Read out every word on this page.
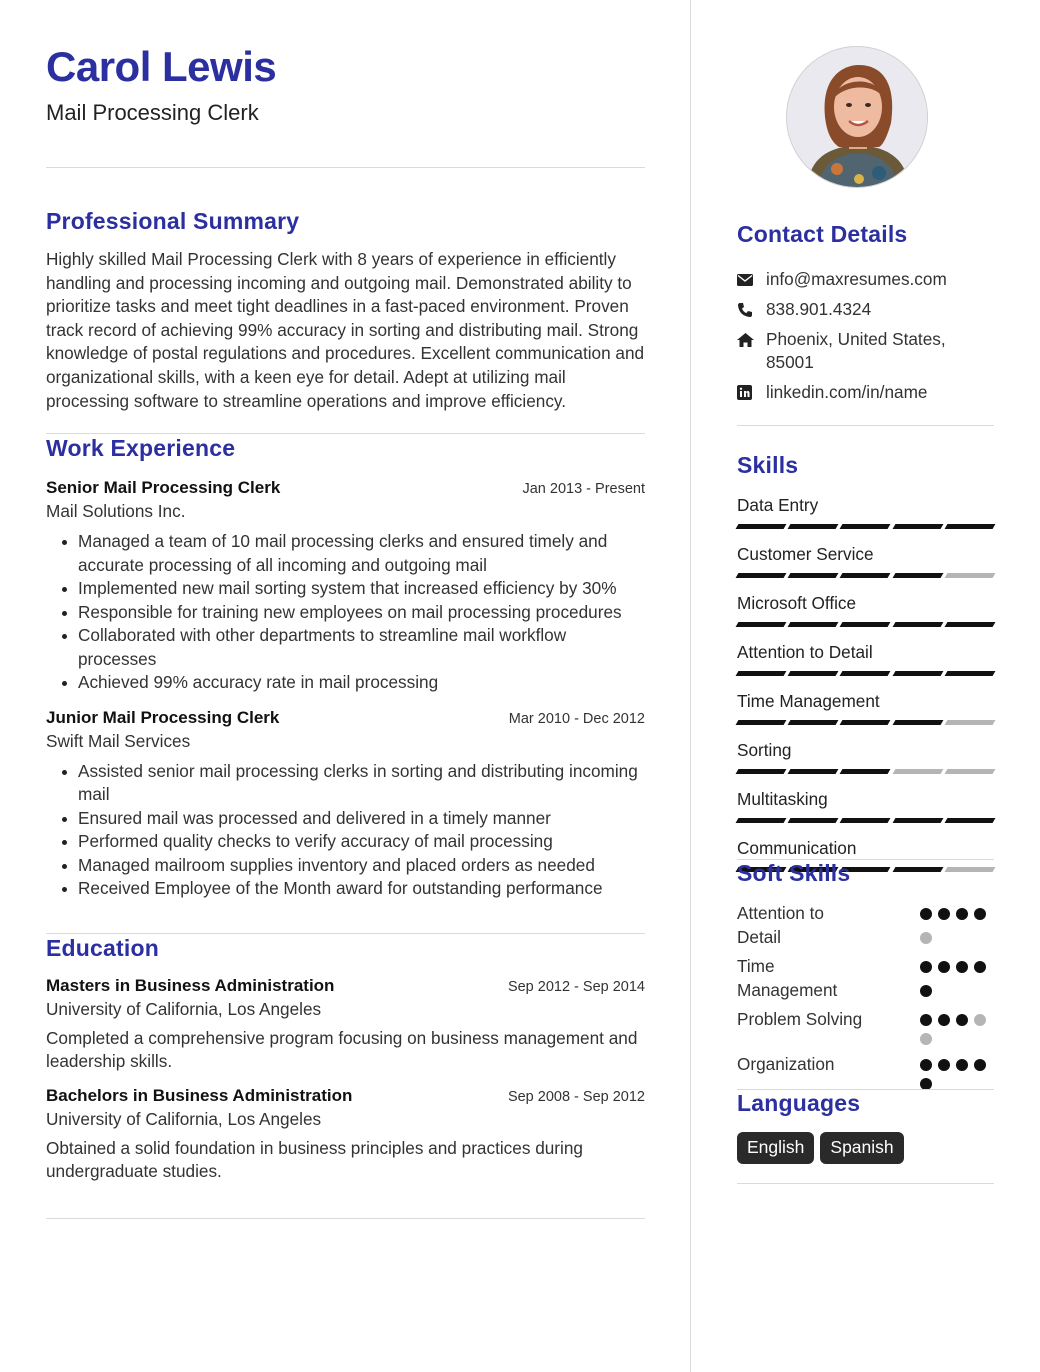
Carol Lewis
Mail Processing Clerk
Professional Summary

Highly skilled Mail Processing Clerk with 8 years of experience in efficiently handling and processing incoming and outgoing mail. Demonstrated ability to prioritize tasks and meet tight deadlines in a fast-paced environment. Proven track record of achieving 99% accuracy in sorting and distributing mail. Strong knowledge of postal regulations and procedures. Excellent communication and organizational skills, with a keen eye for detail. Adept at utilizing mail processing software to streamline operations and improve efficiency.

Work Experience
Senior Mail Processing Clerk	Jan 2013 - Present
Mail Solutions Inc.
Managed a team of 10 mail processing clerks and ensured timely and accurate processing of all incoming and outgoing mail
Implemented new mail sorting system that increased efficiency by 30%
Responsible for training new employees on mail processing procedures
Collaborated with other departments to streamline mail workflow processes
Achieved 99% accuracy rate in mail processing
Junior Mail Processing Clerk	Mar 2010 - Dec 2012
Swift Mail Services
Assisted senior mail processing clerks in sorting and distributing incoming mail
Ensured mail was processed and delivered in a timely manner
Performed quality checks to verify accuracy of mail processing
Managed mailroom supplies inventory and placed orders as needed
Received Employee of the Month award for outstanding performance
Education
Masters in Business Administration	Sep 2012 - Sep 2014
University of California, Los Angeles

Completed a comprehensive program focusing on business management and leadership skills.

Bachelors in Business Administration	Sep 2008 - Sep 2012
University of California, Los Angeles

Obtained a solid foundation in business principles and practices during undergraduate studies.

Contact Details
info@maxresumes.com
838.901.4324
Phoenix, United States, 85001
linkedin.com/in/name
Skills
Data Entry
Customer Service
Microsoft Office
Attention to Detail
Time Management
Sorting
Multitasking
Communication
Soft Skills
Attention to Detail
Time Management
Problem Solving
Organization
Languages
English	Spanish
